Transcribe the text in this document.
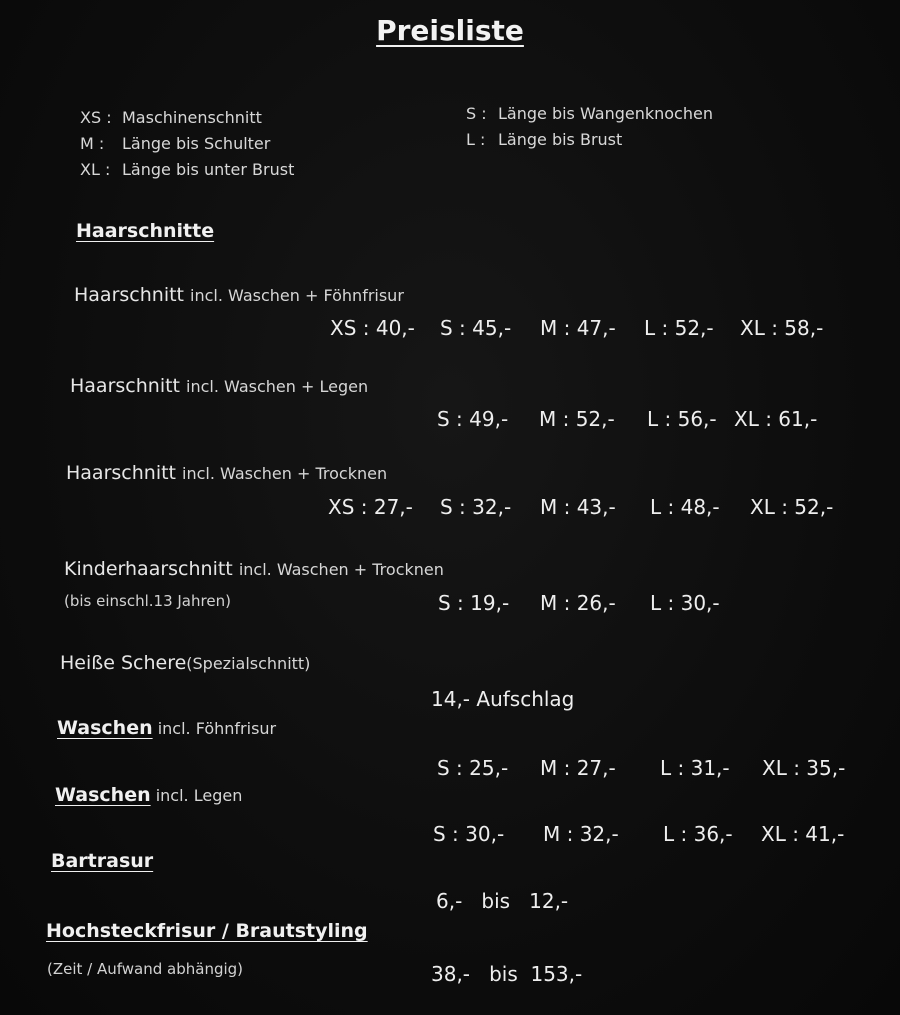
Preisliste
XS : Maschinenschnitt
M : Länge bis Schulter
XL : Länge bis unter Brust
S : Länge bis Wangenknochen
L : Länge bis Brust
Haarschnitte
Haarschnitt incl. Waschen + Föhnfrisur
XS : 40,- S : 45,- M : 47,- L : 52,- XL : 58,-
Haarschnitt incl. Waschen + Legen
S : 49,- M : 52,- L : 56,- XL : 61,-
Haarschnitt incl. Waschen + Trocknen
XS : 27,- S : 32,- M : 43,- L : 48,- XL : 52,-
Kinderhaarschnitt incl. Waschen + Trocknen
(bis einschl.13 Jahren)	S : 19,- M : 26,- L : 30,-
Heiße Schere(Spezialschnitt)
14,- Aufschlag
Waschen incl. Föhnfrisur
S : 25,- M : 27,- L : 31,- XL : 35,-
Waschen incl. Legen
S : 30,- M : 32,- L : 36,- XL : 41,-
Bartrasur
6,-   bis   12,-
Hochsteckfrisur / Brautstyling
(Zeit / Aufwand abhängig)	38,-   bis  153,-
